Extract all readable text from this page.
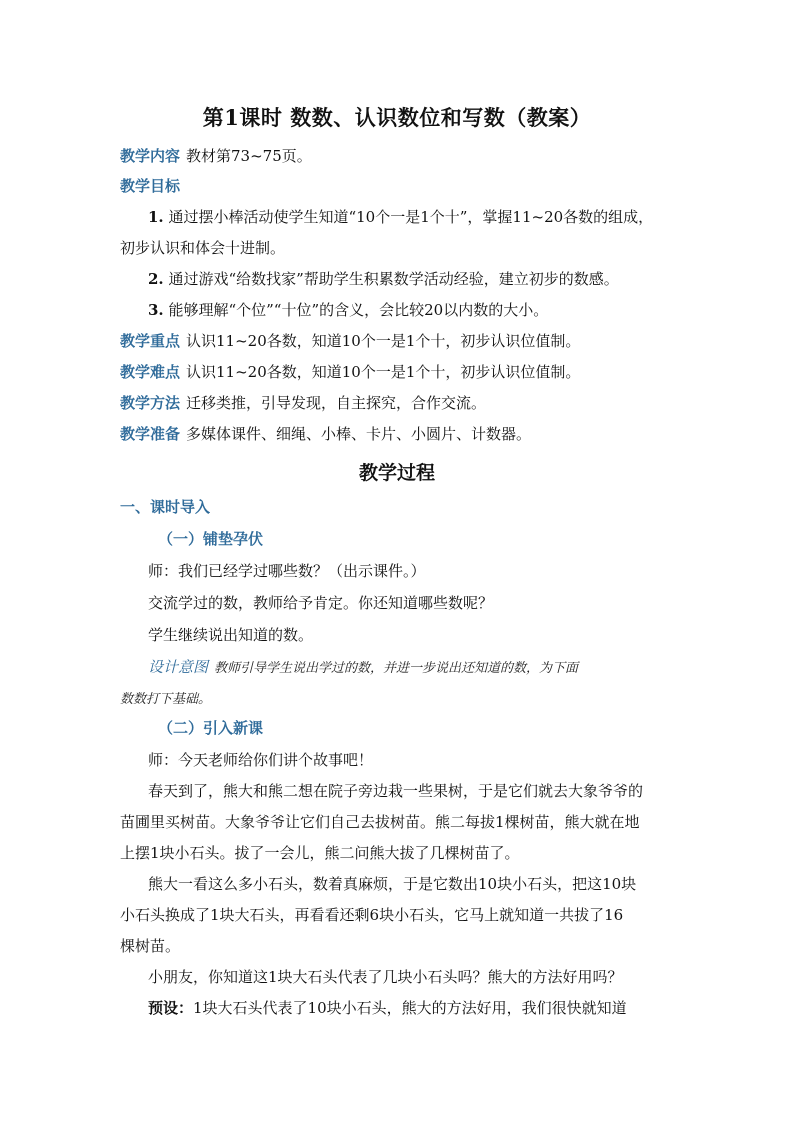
第1课时 数数、认识数位和写数（教案）
教学内容 教材第73~75页。
教学目标
1. 通过摆小棒活动使学生知道“10个一是1个十”，掌握11~20各数的组成，
初步认识和体会十进制。
2. 通过游戏“给数找家”帮助学生积累数学活动经验，建立初步的数感。
3. 能够理解“个位”“十位”的含义，会比较20以内数的大小。
教学重点 认识11~20各数，知道10个一是1个十，初步认识位值制。
教学难点 认识11~20各数，知道10个一是1个十，初步认识位值制。
教学方法 迁移类推，引导发现，自主探究，合作交流。
教学准备 多媒体课件、细绳、小棒、卡片、小圆片、计数器。
教学过程
一、课时导入
（一）铺垫孕伏
师：我们已经学过哪些数？（出示课件。）
交流学过的数，教师给予肯定。你还知道哪些数呢？
学生继续说出知道的数。
设计意图 教师引导学生说出学过的数，并进一步说出还知道的数，为下面
数数打下基础。
（二）引入新课
师：今天老师给你们讲个故事吧！
春天到了，熊大和熊二想在院子旁边栽一些果树，于是它们就去大象爷爷的
苗圃里买树苗。大象爷爷让它们自己去拔树苗。熊二每拔1棵树苗，熊大就在地
上摆1块小石头。拔了一会儿，熊二问熊大拔了几棵树苗了。
熊大一看这么多小石头，数着真麻烦，于是它数出10块小石头，把这10块
小石头换成了1块大石头，再看看还剩6块小石头，它马上就知道一共拔了16
棵树苗。
小朋友，你知道这1块大石头代表了几块小石头吗？熊大的方法好用吗？
预设：1块大石头代表了10块小石头，熊大的方法好用，我们很快就知道
